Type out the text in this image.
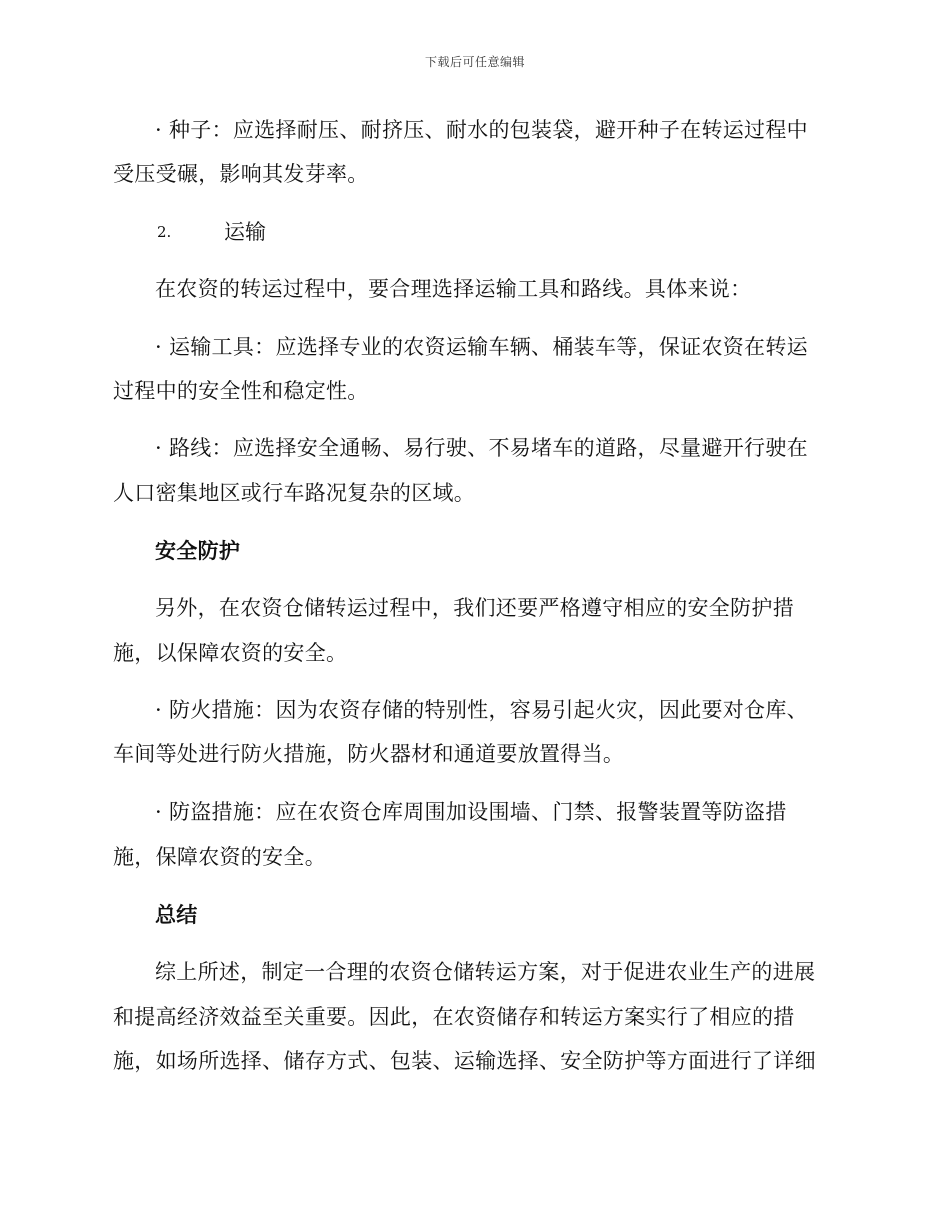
下载后可任意编辑
· 种子：应选择耐压、耐挤压、耐水的包装袋，避开种子在转运过程中
受压受碾，影响其发芽率。
2.	运输
在农资的转运过程中，要合理选择运输工具和路线。具体来说：
· 运输工具：应选择专业的农资运输车辆、桶装车等，保证农资在转运
过程中的安全性和稳定性。
· 路线：应选择安全通畅、易行驶、不易堵车的道路，尽量避开行驶在
人口密集地区或行车路况复杂的区域。
安全防护
另外，在农资仓储转运过程中，我们还要严格遵守相应的安全防护措
施，以保障农资的安全。
· 防火措施：因为农资存储的特别性，容易引起火灾，因此要对仓库、
车间等处进行防火措施，防火器材和通道要放置得当。
· 防盗措施：应在农资仓库周围加设围墙、门禁、报警装置等防盗措
施，保障农资的安全。
总结
综上所述，制定一合理的农资仓储转运方案，对于促进农业生产的进展
和提高经济效益至关重要。因此，在农资储存和转运方案实行了相应的措
施，如场所选择、储存方式、包装、运输选择、安全防护等方面进行了详细
